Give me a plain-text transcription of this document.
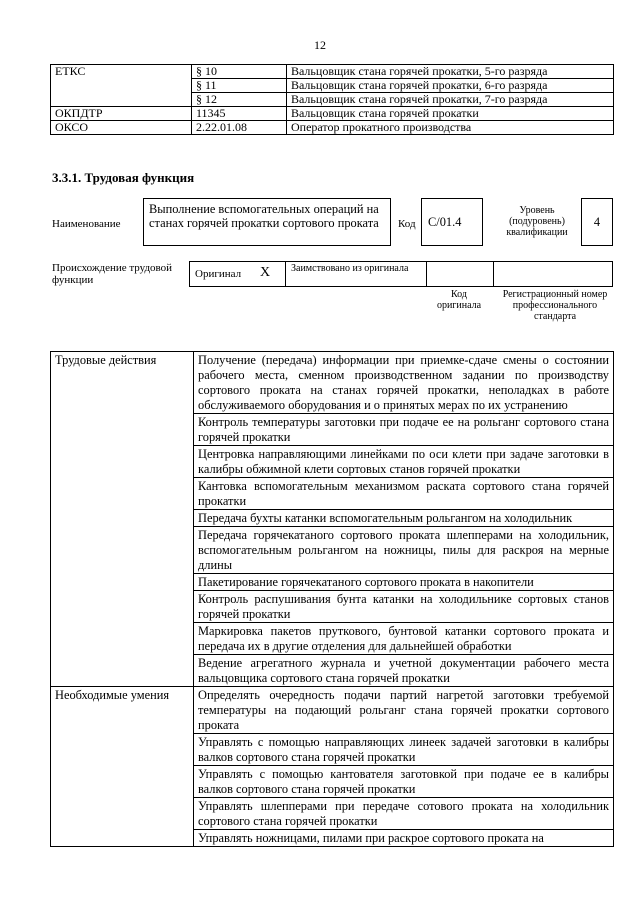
12
ЕТКС	§ 10	Вальцовщик стана горячей прокатки, 5-го разряда
	§ 11	Вальцовщик стана горячей прокатки, 6-го разряда
	§ 12	Вальцовщик стана горячей прокатки, 7-го разряда
ОКПДТР	11345	Вальцовщик стана горячей прокатки
ОКСО	2.22.01.08	Оператор прокатного производства
3.3.1. Трудовая функция
Наименование
Выполнение вспомогательных операций на станах горячей прокатки сортового проката	Код	C/01.4
Уровень (подуровень) квалификации
4
Происхождение трудовой функции	Оригинал X Заимствовано из оригинала
Код оригинала
Регистрационный номер профессионального стандарта
Трудовые действия	Получение (передача) информации при приемке-сдаче смены о состоянии рабочего места, сменном производственном задании по производству сортового проката на станах горячей прокатки, неполадках в работе обслуживаемого оборудования и о принятых мерах по их устранению
	Контроль температуры заготовки при подаче ее на рольганг сортового стана горячей прокатки
	Центровка направляющими линейками по оси клети при задаче заготовки в калибры обжимной клети сортовых станов горячей прокатки
	Кантовка вспомогательным механизмом раската сортового стана горячей прокатки
	Передача бухты катанки вспомогательным рольгангом на холодильник
	Передача горячекатаного сортового проката шлепперами на холодильник, вспомогательным рольгангом на ножницы, пилы для раскроя на мерные длины
	Пакетирование горячекатаного сортового проката в накопители
	Контроль распушивания бунта катанки на холодильнике сортовых станов горячей прокатки
	Маркировка пакетов пруткового, бунтовой катанки сортового проката и передача их в другие отделения для дальнейшей обработки
	Ведение агрегатного журнала и учетной документации рабочего места вальцовщика сортового стана горячей прокатки
Необходимые умения	Определять очередность подачи партий нагретой заготовки требуемой температуры на подающий рольганг стана горячей прокатки сортового проката
	Управлять с помощью направляющих линеек задачей заготовки в калибры валков сортового стана горячей прокатки
	Управлять с помощью кантователя заготовкой при подаче ее в калибры валков сортового стана горячей прокатки
	Управлять шлепперами при передаче сотового проката на холодильник сортового стана горячей прокатки
	Управлять ножницами, пилами при раскрое сортового проката на
